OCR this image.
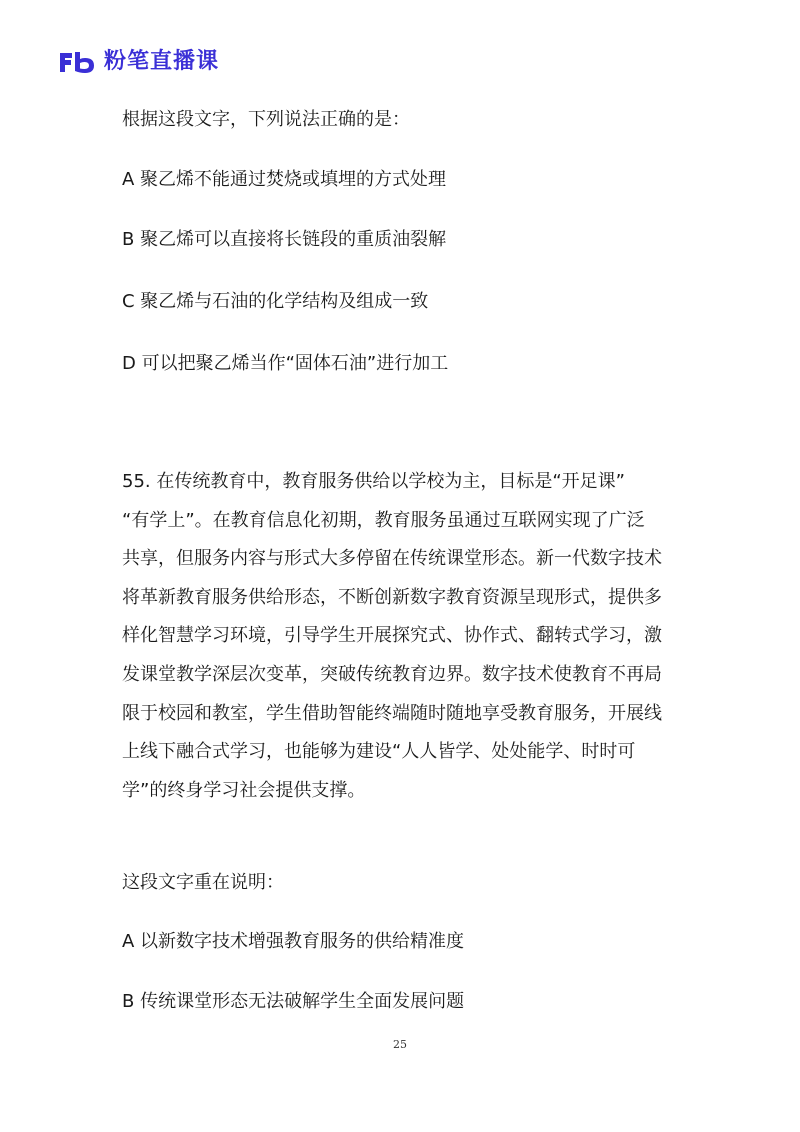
粉笔直播课
根据这段文字，下列说法正确的是：
A 聚乙烯不能通过焚烧或填埋的方式处理
B 聚乙烯可以直接将长链段的重质油裂解
C 聚乙烯与石油的化学结构及组成一致
D 可以把聚乙烯当作“固体石油”进行加工
55. 在传统教育中，教育服务供给以学校为主，目标是“开足课”
“有学上”。在教育信息化初期，教育服务虽通过互联网实现了广泛
共享，但服务内容与形式大多停留在传统课堂形态。新一代数字技术
将革新教育服务供给形态，不断创新数字教育资源呈现形式，提供多
样化智慧学习环境，引导学生开展探究式、协作式、翻转式学习，激
发课堂教学深层次变革，突破传统教育边界。数字技术使教育不再局
限于校园和教室，学生借助智能终端随时随地享受教育服务，开展线
上线下融合式学习，也能够为建设“人人皆学、处处能学、时时可
学”的终身学习社会提供支撑。
这段文字重在说明：
A 以新数字技术增强教育服务的供给精准度
B 传统课堂形态无法破解学生全面发展问题
25
